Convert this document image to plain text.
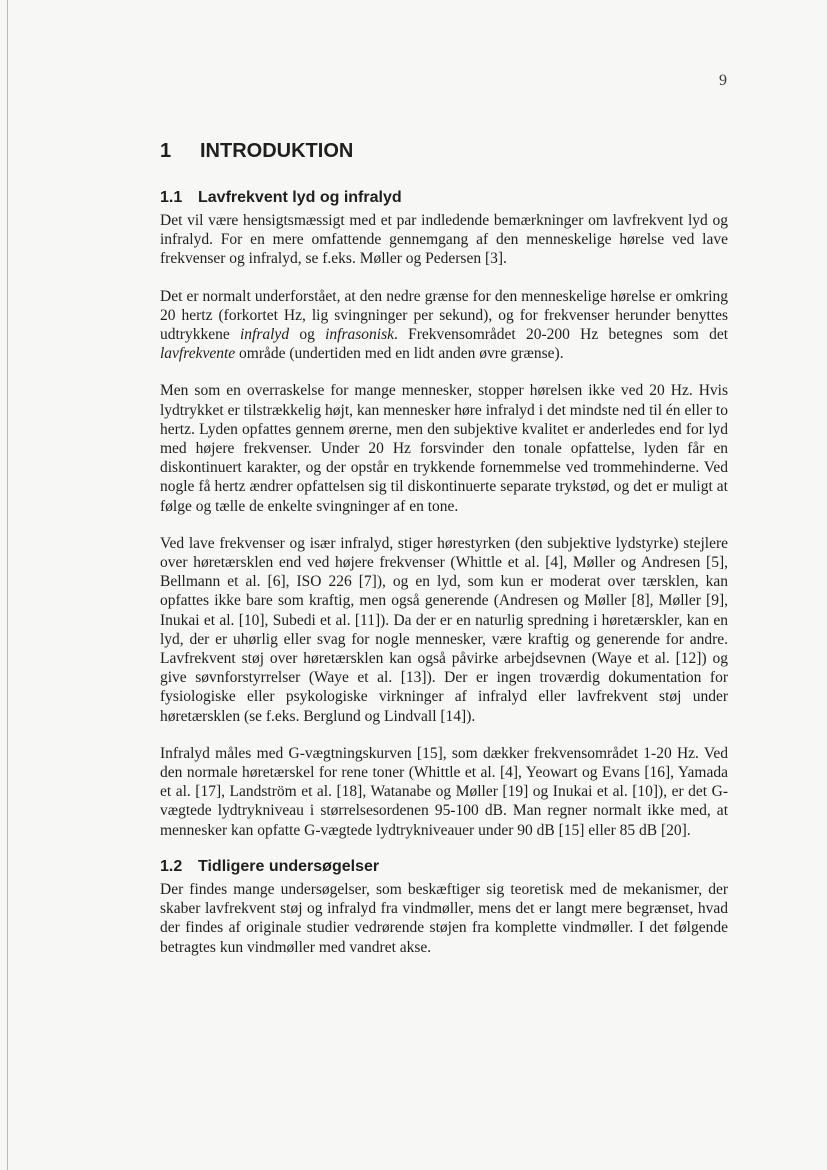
9
1	INTRODUKTION
1.1 Lavfrekvent lyd og infralyd

Det vil være hensigtsmæssigt med et par indledende bemærkninger om lavfrekvent lyd og infralyd. For en mere omfattende gennemgang af den menneskelige hørelse ved lave frekvenser og infralyd, se f.eks. Møller og Pedersen [3].

Det er normalt underforstået, at den nedre grænse for den menneskelige hørelse er omkring 20 hertz (forkortet Hz, lig svingninger per sekund), og for frekvenser herunder benyttes udtrykkene infralyd og infrasonisk. Frekvensområdet 20-200 Hz betegnes som det lavfrekvente område (undertiden med en lidt anden øvre grænse).

Men som en overraskelse for mange mennesker, stopper hørelsen ikke ved 20 Hz. Hvis lydtrykket er tilstrækkelig højt, kan mennesker høre infralyd i det mindste ned til én eller to hertz. Lyden opfattes gennem ørerne, men den subjektive kvalitet er anderledes end for lyd med højere frekvenser. Under 20 Hz forsvinder den tonale opfattelse, lyden får en diskontinuert karakter, og der opstår en trykkende fornemmelse ved trommehinderne. Ved nogle få hertz ændrer opfattelsen sig til diskontinuerte separate trykstød, og det er muligt at følge og tælle de enkelte svingninger af en tone.

Ved lave frekvenser og især infralyd, stiger hørestyrken (den subjektive lydstyrke) stejlere over høretærsklen end ved højere frekvenser (Whittle et al. [4], Møller og Andresen [5], Bellmann et al. [6], ISO 226 [7]), og en lyd, som kun er moderat over tærsklen, kan opfattes ikke bare som kraftig, men også generende (Andresen og Møller [8], Møller [9], Inukai et al. [10], Subedi et al. [11]). Da der er en naturlig spredning i høretærskler, kan en lyd, der er uhørlig eller svag for nogle mennesker, være kraftig og generende for andre. Lavfrekvent støj over høretærsklen kan også påvirke arbejdsevnen (Waye et al. [12]) og give søvnforstyrrelser (Waye et al. [13]). Der er ingen troværdig dokumentation for fysiologiske eller psykologiske virkninger af infralyd eller lavfrekvent støj under høretærsklen (se f.eks. Berglund og Lindvall [14]).

Infralyd måles med G-vægtningskurven [15], som dækker frekvensområdet 1-20 Hz. Ved den normale høretærskel for rene toner (Whittle et al. [4], Yeowart og Evans [16], Yamada et al. [17], Landström et al. [18], Watanabe og Møller [19] og Inukai et al. [10]), er det G-vægtede lydtrykniveau i størrelsesordenen 95-100 dB. Man regner normalt ikke med, at mennesker kan opfatte G-vægtede lydtrykniveauer under 90 dB [15] eller 85 dB [20].

1.2 Tidligere undersøgelser

Der findes mange undersøgelser, som beskæftiger sig teoretisk med de mekanismer, der skaber lavfrekvent støj og infralyd fra vindmøller, mens det er langt mere begrænset, hvad der findes af originale studier vedrørende støjen fra komplette vindmøller. I det følgende betragtes kun vindmøller med vandret akse.
